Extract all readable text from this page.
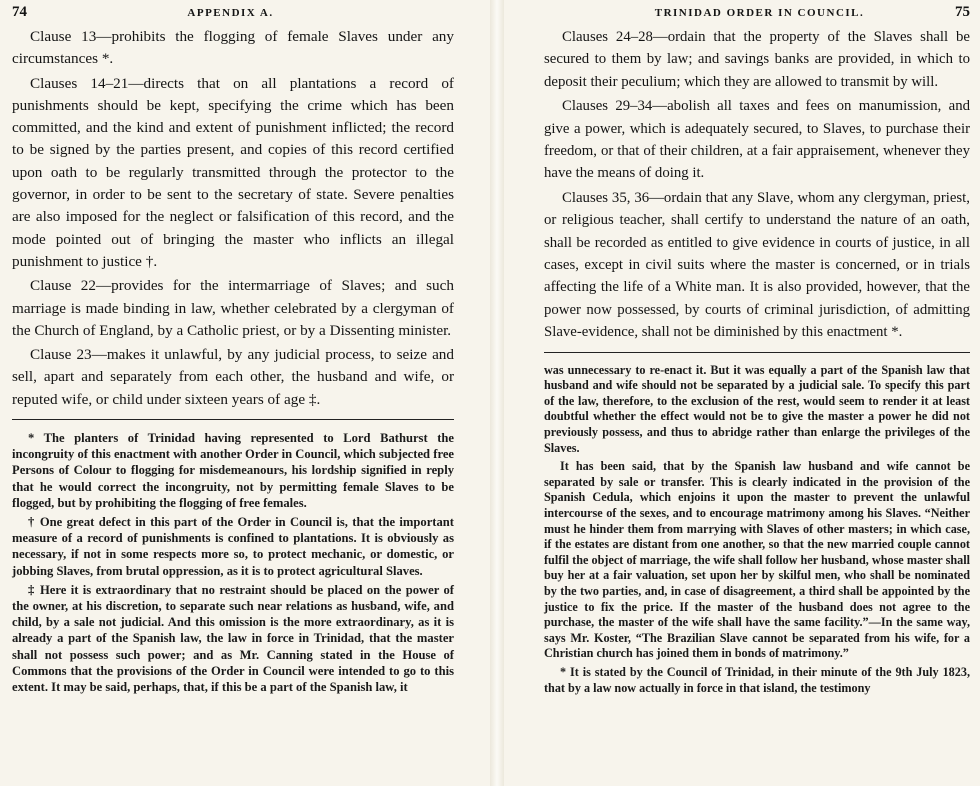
74	APPENDIX A.

Clause 13—prohibits the flogging of female Slaves under any circumstances *.

Clauses 14–21—directs that on all plantations a record of punishments should be kept, specifying the crime which has been committed, and the kind and extent of punishment inflicted; the record to be signed by the parties present, and copies of this record certified upon oath to be regularly transmitted through the protector to the governor, in order to be sent to the secretary of state. Severe penalties are also imposed for the neglect or falsification of this record, and the mode pointed out of bringing the master who inflicts an illegal punishment to justice †.

Clause 22—provides for the intermarriage of Slaves; and such marriage is made binding in law, whether celebrated by a clergyman of the Church of England, by a Catholic priest, or by a Dissenting minister.

Clause 23—makes it unlawful, by any judicial process, to seize and sell, apart and separately from each other, the husband and wife, or reputed wife, or child under sixteen years of age ‡.

* The planters of Trinidad having represented to Lord Bathurst the incongruity of this enactment with another Order in Council, which subjected free Persons of Colour to flogging for misdemeanours, his lordship signified in reply that he would correct the incongruity, not by permitting female Slaves to be flogged, but by prohibiting the flogging of free females.

† One great defect in this part of the Order in Council is, that the important measure of a record of punishments is confined to plantations. It is obviously as necessary, if not in some respects more so, to protect mechanic, or domestic, or jobbing Slaves, from brutal oppression, as it is to protect agricultural Slaves.

‡ Here it is extraordinary that no restraint should be placed on the power of the owner, at his discretion, to separate such near relations as husband, wife, and child, by a sale not judicial. And this omission is the more extraordinary, as it is already a part of the Spanish law, the law in force in Trinidad, that the master shall not possess such power; and as Mr. Canning stated in the House of Commons that the provisions of the Order in Council were intended to go to this extent. It may be said, perhaps, that, if this be a part of the Spanish law, it

TRINIDAD ORDER IN COUNCIL.	75

Clauses 24–28—ordain that the property of the Slaves shall be secured to them by law; and savings banks are provided, in which to deposit their peculium; which they are allowed to transmit by will.

Clauses 29–34—abolish all taxes and fees on manumission, and give a power, which is adequately secured, to Slaves, to purchase their freedom, or that of their children, at a fair appraisement, whenever they have the means of doing it.

Clauses 35, 36—ordain that any Slave, whom any clergyman, priest, or religious teacher, shall certify to understand the nature of an oath, shall be recorded as entitled to give evidence in courts of justice, in all cases, except in civil suits where the master is concerned, or in trials affecting the life of a White man. It is also provided, however, that the power now possessed, by courts of criminal jurisdiction, of admitting Slave-evidence, shall not be diminished by this enactment *.

was unnecessary to re-enact it. But it was equally a part of the Spanish law that husband and wife should not be separated by a judicial sale. To specify this part of the law, therefore, to the exclusion of the rest, would seem to render it at least doubtful whether the effect would not be to give the master a power he did not previously possess, and thus to abridge rather than enlarge the privileges of the Slaves.

It has been said, that by the Spanish law husband and wife cannot be separated by sale or transfer. This is clearly indicated in the provision of the Spanish Cedula, which enjoins it upon the master to prevent the unlawful intercourse of the sexes, and to encourage matrimony among his Slaves. “Neither must he hinder them from marrying with Slaves of other masters; in which case, if the estates are distant from one another, so that the new married couple cannot fulfil the object of marriage, the wife shall follow her husband, whose master shall buy her at a fair valuation, set upon her by skilful men, who shall be nominated by the two parties, and, in case of disagreement, a third shall be appointed by the justice to fix the price. If the master of the husband does not agree to the purchase, the master of the wife shall have the same facility.”—In the same way, says Mr. Koster, “The Brazilian Slave cannot be separated from his wife, for a Christian church has joined them in bonds of matrimony.”

* It is stated by the Council of Trinidad, in their minute of the 9th July 1823, that by a law now actually in force in that island, the testimony
